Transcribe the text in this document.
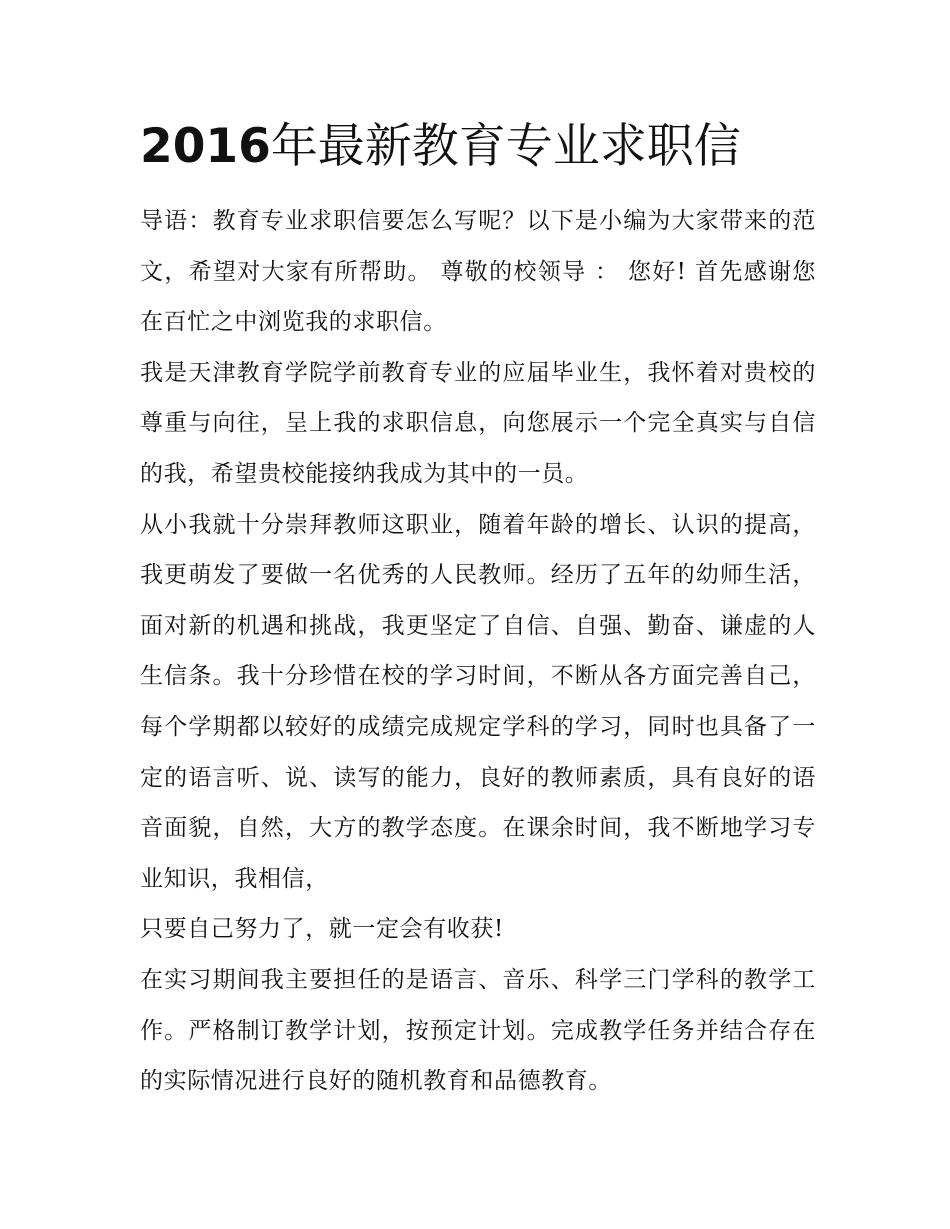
2016年最新教育专业求职信

导语：教育专业求职信要怎么写呢？以下是小编为大家带来的范文，希望对大家有所帮助。 尊敬的校领导 ： 您好! 首先感谢您在百忙之中浏览我的求职信。

我是天津教育学院学前教育专业的应届毕业生，我怀着对贵校的尊重与向往，呈上我的求职信息，向您展示一个完全真实与自信的我，希望贵校能接纳我成为其中的一员。

从小我就十分崇拜教师这职业，随着年龄的增长、认识的提高，我更萌发了要做一名优秀的人民教师。经历了五年的幼师生活，面对新的机遇和挑战，我更坚定了自信、自强、勤奋、谦虚的人生信条。我十分珍惜在校的学习时间，不断从各方面完善自己，每个学期都以较好的成绩完成规定学科的学习，同时也具备了一定的语言听、说、读写的能力，良好的教师素质，具有良好的语音面貌，自然，大方的教学态度。在课余时间，我不断地学习专业知识，我相信，

只要自己努力了，就一定会有收获!

在实习期间我主要担任的是语言、音乐、科学三门学科的教学工作。严格制订教学计划，按预定计划。完成教学任务并结合存在的实际情况进行良好的随机教育和品德教育。
